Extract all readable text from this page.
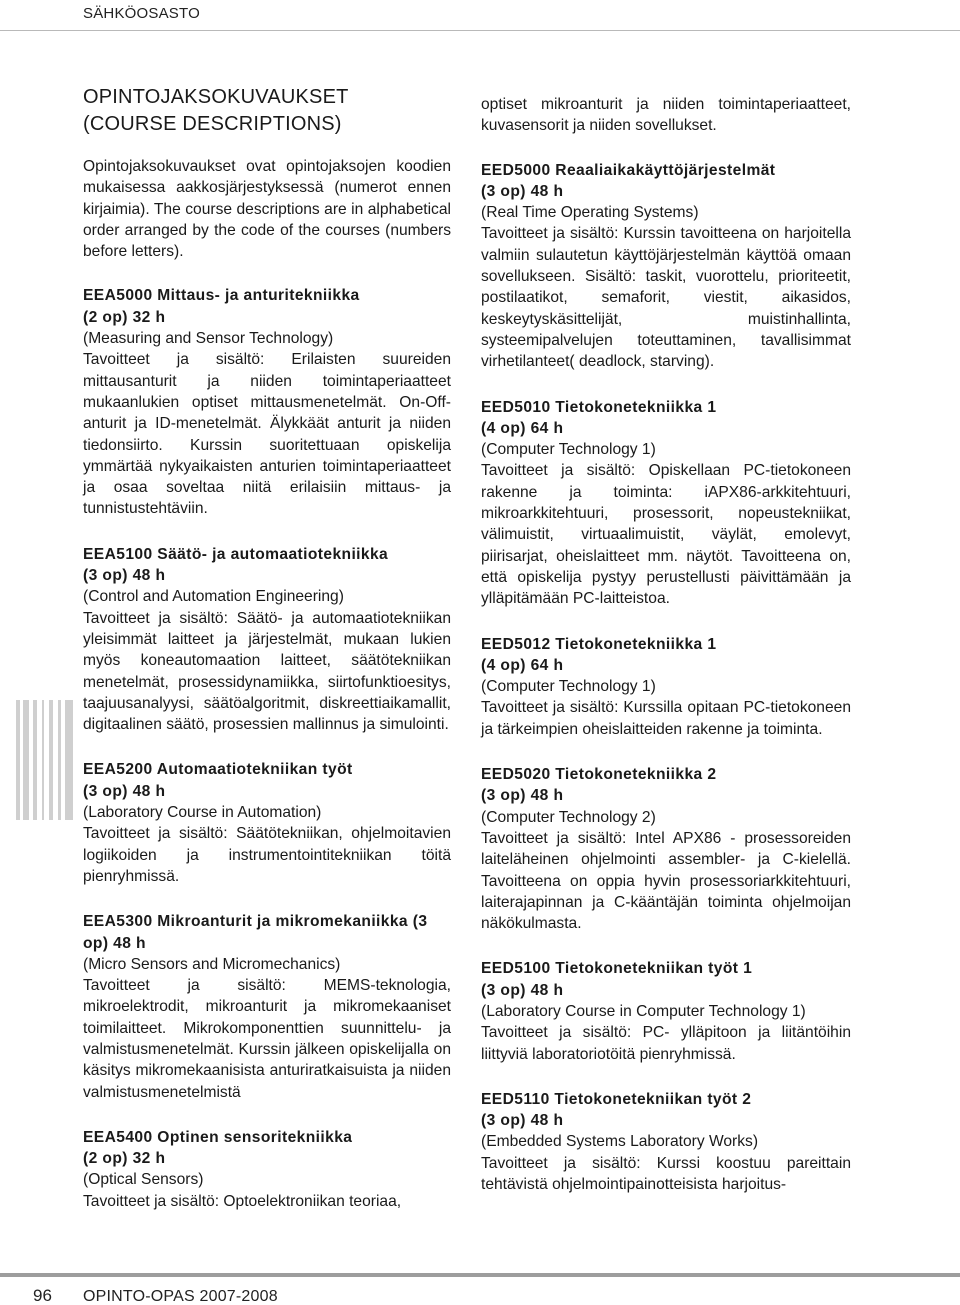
SÄHKÖOSASTO
OPINTOJAKSOKUVAUKSET
(COURSE DESCRIPTIONS)

Opintojaksokuvaukset ovat opintojaksojen koodien mukaisessa aakkosjärjestyksessä (numerot ennen kirjaimia). The course descriptions are in alphabetical order arranged by the code of the courses (numbers before letters).

EEA5000 Mittaus- ja anturitekniikka
(2 op) 32 h
(Measuring and Sensor Technology)
Tavoitteet ja sisältö: Erilaisten suureiden mittausanturit ja niiden toimintaperiaatteet mukaanlukien optiset mittausmenetelmät. On-Off-anturit ja ID-menetelmät. Älykkäät anturit ja niiden tiedonsiirto. Kurssin suoritettuaan opiskelija ymmärtää nykyaikaisten anturien toimintaperiaatteet ja osaa soveltaa niitä erilaisiin mittaus- ja tunnistustehtäviin.
EEA5100 Säätö- ja automaatiotekniikka
(3 op) 48 h
(Control and Automation Engineering)
Tavoitteet ja sisältö: Säätö- ja automaatiotekniikan yleisimmät laitteet ja järjestelmät, mukaan lukien myös koneautomaation laitteet, säätötekniikan menetelmät, prosessidynamiikka, siirtofunktioesitys, taajuusanalyysi, säätöalgoritmit, diskreettiaikamallit, digitaalinen säätö, prosessien mallinnus ja simulointi.
EEA5200 Automaatiotekniikan työt
(3 op) 48 h
(Laboratory Course in Automation)
Tavoitteet ja sisältö: Säätötekniikan, ohjelmoitavien logiikoiden ja instrumentointitekniikan töitä pienryhmissä.
EEA5300 Mikroanturit ja mikromekaniikka (3 op) 48 h
(Micro Sensors and Micromechanics)
Tavoitteet ja sisältö: MEMS-teknologia, mikroelektrodit, mikroanturit ja mikromekaaniset toimilaitteet. Mikrokomponenttien suunnittelu- ja valmistusmenetelmät. Kurssin jälkeen opiskelijalla on käsitys mikromekaanisista anturiratkaisuista ja niiden valmistusmenetelmistä
EEA5400 Optinen sensoritekniikka
(2 op) 32 h
(Optical Sensors)
Tavoitteet ja sisältö: Optoelektroniikan teoriaa,

optiset mikroanturit ja niiden toimintaperiaatteet, kuvasensorit ja niiden sovellukset.

EED5000 Reaaliaikakäyttöjärjestelmät
(3 op) 48 h
(Real Time Operating Systems)
Tavoitteet ja sisältö: Kurssin tavoitteena on harjoitella valmiin sulautetun käyttöjärjestelmän käyttöä omaan sovellukseen. Sisältö: taskit, vuorottelu, prioriteetit, postilaatikot, semaforit, viestit, aikasidos, keskeytyskäsittelijät, muistinhallinta, systeemipalvelujen toteuttaminen, tavallisimmat virhetilanteet( deadlock, starving).
EED5010 Tietokonetekniikka 1
(4 op) 64 h
(Computer Technology 1)
Tavoitteet ja sisältö: Opiskellaan PC-tietokoneen rakenne ja toiminta: iAPX86-arkkitehtuuri, mikroarkkitehtuuri, prosessorit, nopeustekniikat, välimuistit, virtuaalimuistit, väylät, emolevyt, piirisarjat, oheislaitteet mm. näytöt. Tavoitteena on, että opiskelija pystyy perustellusti päivittämään ja ylläpitämään PC-laitteistoa.
EED5012 Tietokonetekniikka 1
(4 op) 64 h
(Computer Technology 1)
Tavoitteet ja sisältö: Kurssilla opitaan PC-tietokoneen ja tärkeimpien oheislaitteiden rakenne ja toiminta.
EED5020 Tietokonetekniikka 2
(3 op) 48 h
(Computer Technology 2)
Tavoitteet ja sisältö: Intel APX86 - prosessoreiden laiteläheinen ohjelmointi assembler- ja C-kielellä. Tavoitteena on oppia hyvin prosessoriarkkitehtuuri, laiterajapinnan ja C-kääntäjän toiminta ohjelmoijan näkökulmasta.
EED5100 Tietokonetekniikan työt 1
(3 op) 48 h
(Laboratory Course in Computer Technology 1)
Tavoitteet ja sisältö: PC- ylläpitoon ja liitäntöihin liittyviä laboratoriotöitä pienryhmissä.
EED5110 Tietokonetekniikan työt 2
(3 op) 48 h
(Embedded Systems Laboratory Works)
Tavoitteet ja sisältö: Kurssi koostuu pareittain tehtävistä ohjelmointipainotteisista harjoitus-
96 OPINTO-OPAS 2007-2008
